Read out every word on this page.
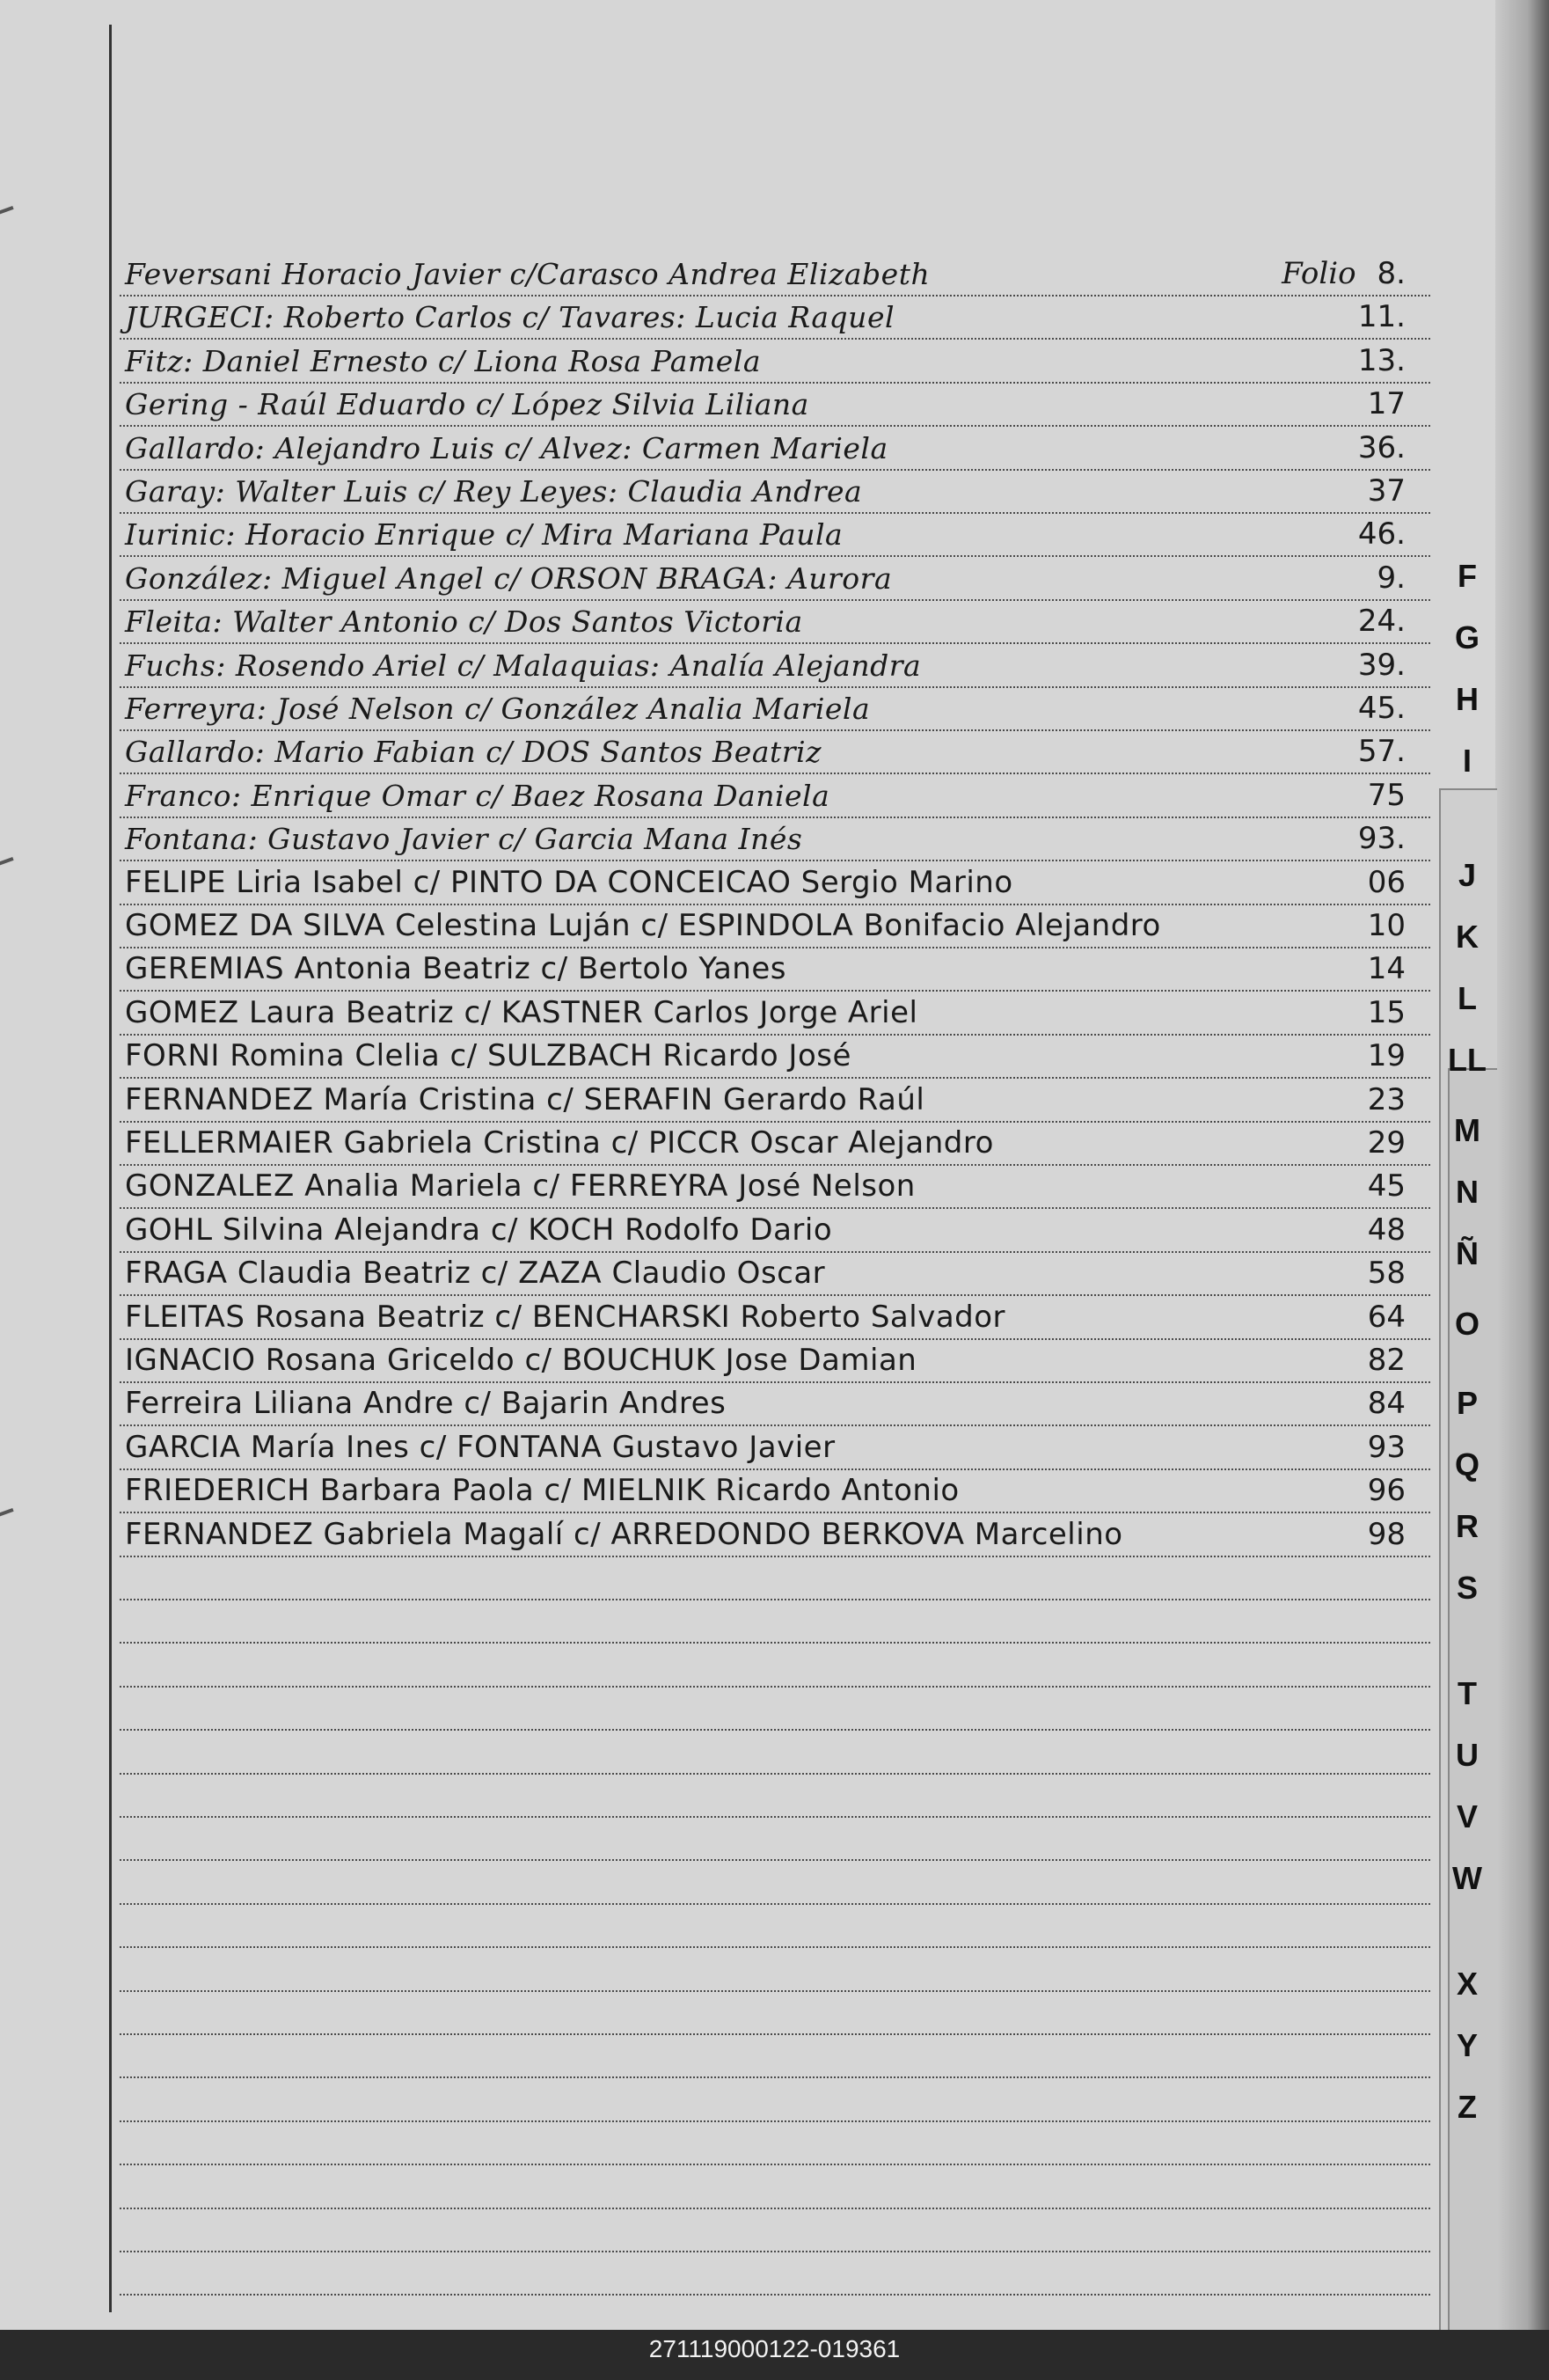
Feversani Horacio Javier c/Carasco Andrea Elizabeth	Folio 8.
JURGECI: Roberto Carlos c/ Tavares: Lucia Raquel	11.
Fitz: Daniel Ernesto c/ Liona Rosa Pamela	13.
Gering - Raúl Eduardo c/ López Silvia Liliana	17
Gallardo: Alejandro Luis c/ Alvez: Carmen Mariela	36.
Garay: Walter Luis c/ Rey Leyes: Claudia Andrea	37
Iurinic: Horacio Enrique c/ Mira Mariana Paula	46.
González: Miguel Angel c/ ORSON BRAGA: Aurora	9.
Fleita: Walter Antonio c/ Dos Santos Victoria	24.
Fuchs: Rosendo Ariel c/ Malaquias: Analía Alejandra	39.
Ferreyra: José Nelson c/ González Analia Mariela	45.
Gallardo: Mario Fabian c/ DOS Santos Beatriz	57.
Franco: Enrique Omar c/ Baez Rosana Daniela	75
Fontana: Gustavo Javier c/ Garcia Mana Inés	93.
FELIPE Liria Isabel c/ PINTO DA CONCEICAO Sergio Marino	06
GOMEZ DA SILVA Celestina Luján c/ ESPINDOLA Bonifacio Alejandro	10
GEREMIAS Antonia Beatriz c/ Bertolo Yanes	14
GOMEZ Laura Beatriz c/ KASTNER Carlos Jorge Ariel	15
FORNI Romina Clelia c/ SULZBACH Ricardo José	19
FERNANDEZ María Cristina c/ SERAFIN Gerardo Raúl	23
FELLERMAIER Gabriela Cristina c/ PICCR Oscar Alejandro	29
GONZALEZ Analia Mariela c/ FERREYRA José Nelson	45
GOHL Silvina Alejandra c/ KOCH Rodolfo Dario	48
FRAGA Claudia Beatriz c/ ZAZA Claudio Oscar	58
FLEITAS Rosana Beatriz c/ BENCHARSKI Roberto Salvador	64
IGNACIO Rosana Griceldo c/ BOUCHUK Jose Damian	82
Ferreira Liliana Andre c/ Bajarin Andres	84
GARCIA María Ines c/ FONTANA Gustavo Javier	93
FRIEDERICH Barbara Paola c/ MIELNIK Ricardo Antonio	96
FERNANDEZ Gabriela Magalí c/ ARREDONDO BERKOVA Marcelino	98
F
G
H
I
J
K
L
LL
M
N
Ñ
O
P
Q
R
S
T
U
V
W
X
Y
Z
271119000122-019361
